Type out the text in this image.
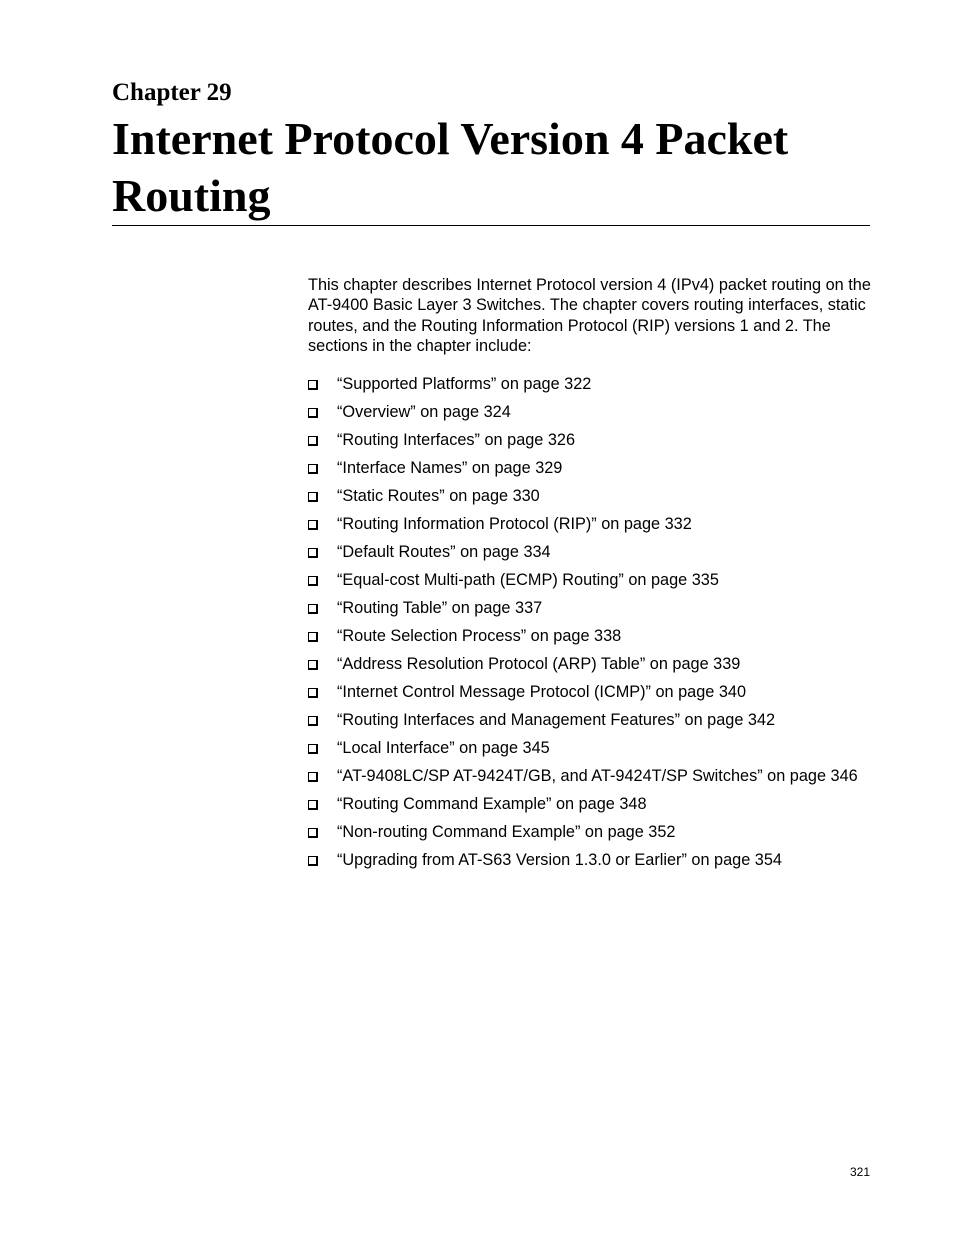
Chapter 29
Internet Protocol Version 4 Packet Routing

This chapter describes Internet Protocol version 4 (IPv4) packet routing on the AT-9400 Basic Layer 3 Switches. The chapter covers routing interfaces, static routes, and the Routing Information Protocol (RIP) versions 1 and 2. The sections in the chapter include:

“Supported Platforms” on page 322
“Overview” on page 324
“Routing Interfaces” on page 326
“Interface Names” on page 329
“Static Routes” on page 330
“Routing Information Protocol (RIP)” on page 332
“Default Routes” on page 334
“Equal-cost Multi-path (ECMP) Routing” on page 335
“Routing Table” on page 337
“Route Selection Process” on page 338
“Address Resolution Protocol (ARP) Table” on page 339
“Internet Control Message Protocol (ICMP)” on page 340
“Routing Interfaces and Management Features” on page 342
“Local Interface” on page 345
“AT-9408LC/SP AT-9424T/GB, and AT-9424T/SP Switches” on page 346
“Routing Command Example” on page 348
“Non-routing Command Example” on page 352
“Upgrading from AT-S63 Version 1.3.0 or Earlier” on page 354
321
